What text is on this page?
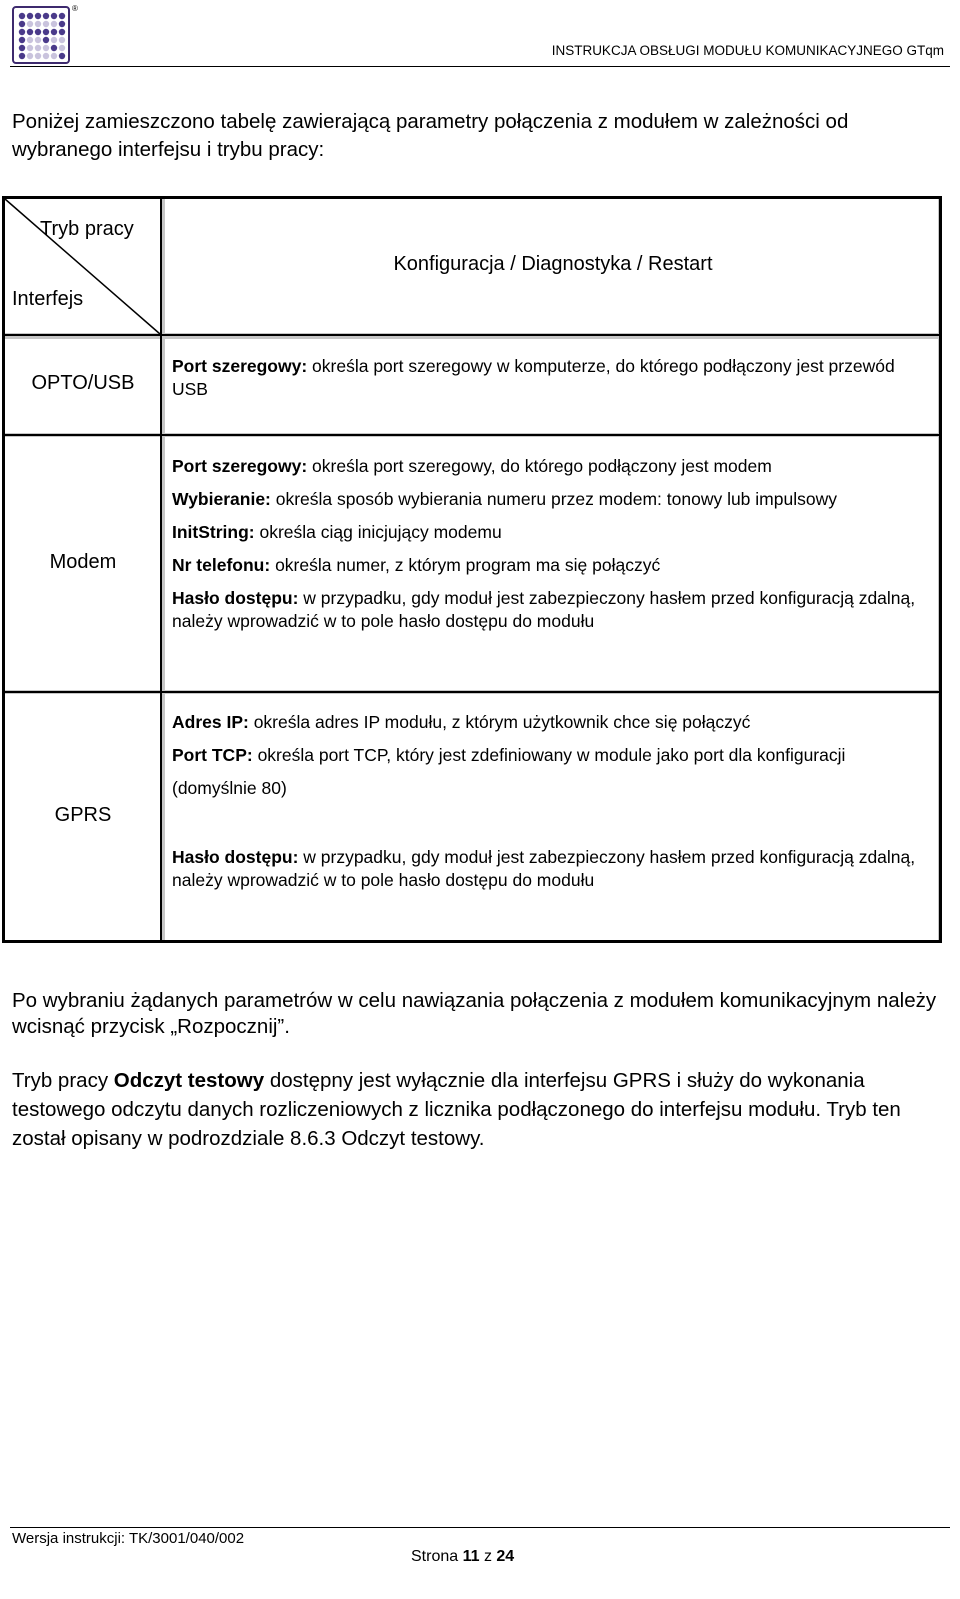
®
INSTRUKCJA OBSŁUGI MODUŁU KOMUNIKACYJNEGO GTqm
Poniżej zamieszczono tabelę zawierającą parametry połączenia z modułem w zależności od wybranego interfejsu i trybu pracy:
Tryb pracy
Interfejs
Konfiguracja / Diagnostyka / Restart
OPTO/USB

Port szeregowy: określa port szeregowy w komputerze, do którego podłączony jest przewód USB

Modem

Port szeregowy: określa port szeregowy, do którego podłączony jest modem

Wybieranie: określa sposób wybierania numeru przez modem: tonowy lub impulsowy

InitString: określa ciąg inicjujący modemu

Nr telefonu: określa numer, z którym program ma się połączyć

Hasło dostępu: w przypadku, gdy moduł jest zabezpieczony hasłem przed konfiguracją zdalną, należy wprowadzić w to pole hasło dostępu do modułu

GPRS

Adres IP: określa adres IP modułu, z którym użytkownik chce się połączyć

Port TCP: określa port TCP, który jest zdefiniowany w module jako port dla konfiguracji

(domyślnie 80)

Hasło dostępu: w przypadku, gdy moduł jest zabezpieczony hasłem przed konfiguracją zdalną, należy wprowadzić w to pole hasło dostępu do modułu

Po wybraniu żądanych parametrów w celu nawiązania połączenia z modułem komunikacyjnym należy wcisnąć przycisk „Rozpocznij”.
Tryb pracy Odczyt testowy dostępny jest wyłącznie dla interfejsu GPRS i służy do wykonania testowego odczytu danych rozliczeniowych z licznika podłączonego do interfejsu modułu. Tryb ten został opisany w podrozdziale 8.6.3 Odczyt testowy.
Wersja instrukcji: TK/3001/040/002
Strona 11 z 24
